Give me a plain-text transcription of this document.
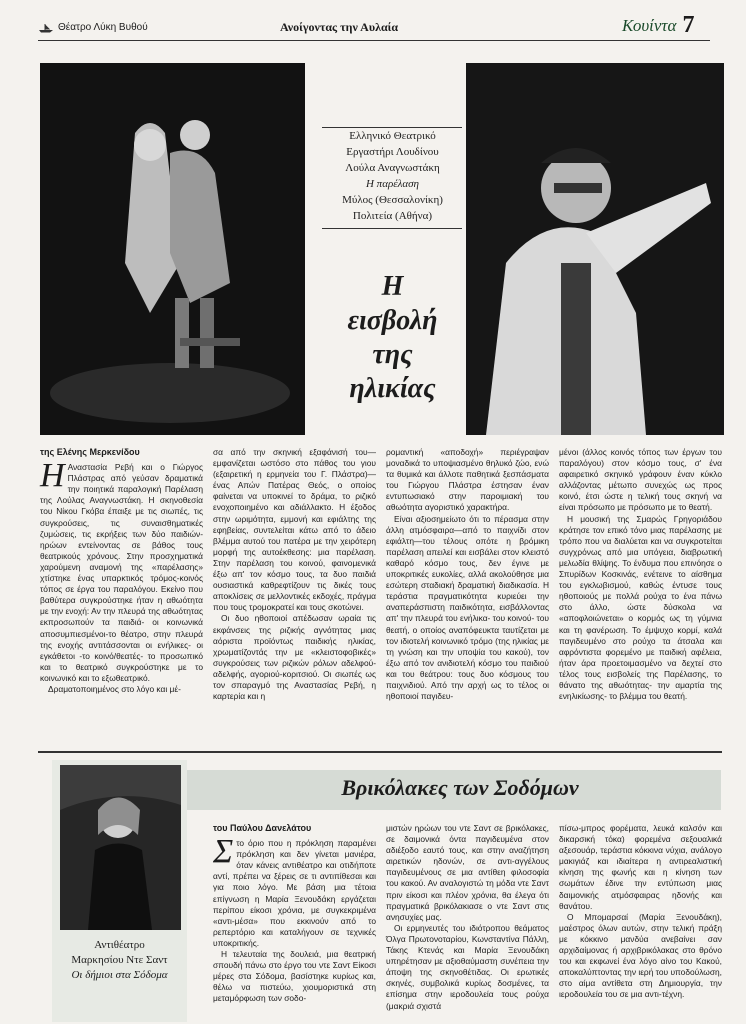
Θέατρο Λύκη Βυθού	Ανοίγοντας την Αυλαία	Κουίντα 7
Ελληνικό Θεατρικό
Εργαστήρι Λουδίνου
Λούλα Αναγνωστάκη
Η παρέλαση
Μύλος (Θεσσαλονίκη)
Πολιτεία (Αθήνα)
Η
εισβολή
της
ηλικίας
της Ελένης Μερκενίδου
Η Αναστασία Ρεβή και ο Γιώργος Πλάστρας από γεύσαν δραματικά την ποιητικά παραλογική Παρέλαση της Λούλας Αναγνωστάκη. Η σκηνοθεσία του Νίκου Γκόβα έπαιξε με τις σιωπές, τις συγκρούσεις, τις συναισθηματικές ζυμώσεις, τις εκρήξεις των δύο παιδιών-ηρώων εντείνοντας σε βάθος τους θεατρικούς χρόνους. Στην προσχηματικά χαρούμενη αναμονή της «παρέλασης» χτίστηκε ένας υπαρκτικός τρόμος-κοινός τόπος σε έργα του παραλόγου. Εκείνο που βαθύτερα συγκρούστηκε ήταν η αθωότητα με την ενοχή: Αν την πλευρά της αθωότητας εκπροσωπούν τα παιδιά- οι κοινωνικά αποσυμπιεσμένοι-το θέατρο, στην πλευρά της ενοχής αντιτάσσονται οι ενήλικες- οι εγκάθετοι -το κοινό/θεατές- το προσωπικό και το θεατρικό συγκρούστηκε με το κοινωνικό και το εξωθεατρικό.

Δραματοποιημένος στο λόγο και μέ-

σα από την σκηνική εξαφάνισή του—εμφανίζεται ωστόσο στο πάθος του γιου (εξαιρετική η ερμηνεία του Γ. Πλάστρα)—ένας Απών Πατέρας Θεός, ο οποίος φαίνεται να υποκινεί το δράμα, το ριζικό ενοχοποιημένο και αδιάλλακτο. Η έξοδος στην ωριμότητα, εμμονή και εφιάλτης της εφηβείας, συντελείται κάτω από το άδειο βλέμμα αυτού του πατέρα με την χειρότερη μορφή της αυτοέκθεσης: μια παρέλαση. Στην παρέλαση του κοινού, φαινομενικά έξω απ' τον κόσμο τους, τα δυο παιδιά ουσιαστικά καθρεφτίζουν τις δικές τους αποκλίσεις σε μελλοντικές εκδοχές, πράγμα που τους τρομοκρατεί και τους σκοτώνει.

Οι δυο ηθοποιοί απέδωσαν ωραία τις εκφάνσεις της ριζικής αγνότητας μιας αόριστα προϊόντως παιδικής ηλικίας, χρωματίζοντάς την με «κλειστοφοβικές» συγκρούσεις των ριζικών ρόλων αδελφού-αδελφής, αγοριού-κοριτσιού. Οι σιωπές ως τον σπαραγμό της Αναστασίας Ρεβή, η καρτερία και η

ρομαντική «αποδοχή» περιέγραψαν μοναδικά το υποψιασμένο θηλυκό ζώο, ενώ τα θυμικά και άλλοτε παθητικά ξεσπάσματα του Γιώργου Πλάστρα έστησαν έναν εντυπωσιακό στην παροιμιακή του αθωότητα αγοριστικό χαρακτήρα.

Είναι αξιοσημείωτο ότι το πέρασμα στην άλλη ατμόσφαιρα—από το παιχνίδι στον εφιάλτη—του τέλους οπότε η βρόμικη παρέλαση απειλεί και εισβάλει στον κλειστό καθαρό κόσμο τους, δεν έγινε με υποκριτικές ευκολίες, αλλά ακολούθησε μια εσώτερη σταδιακή δραματική διαδικασία. Η τεράστια πραγματικότητα κυριεύει την αναπεράσπιστη παιδικότητα, εισβάλλοντας απ' την πλευρά του ενήλικα- του κοινού- του θεατή, ο οποίος αναπόφευκτα ταυτίζεται με τον ιδιοτελή κοινωνικό τρόμο (της ηλικίας με τη γνώση και την υποψία του κακού), τον έξω από τον ανιδιοτελή κόσμο του παιδιού και του θεάτρου: τους δυο κόσμους του παιχνιδιού. Από την αρχή ως το τέλος οι ηθοποιοί παγιδευ-

μένοι (άλλος κοινός τόπος των έργων του παραλόγου) στον κόσμο τους, σ' ένα αφαιρετικό σκηνικό γράφουν έναν κύκλο αλλάζοντας μέτωπο συνεχώς ως προς κοινό, έτσι ώστε η τελική τους σκηνή να είναι πρόσωπο με πρόσωπο με το θεατή.

Η μουσική της Σμαρώς Γρηγοριάδου κράτησε τον επικό τόνο μιας παρέλασης με τρόπο που να διαλύεται και να συγκροτείται συγχρόνως από μια υπόγεια, διαβρωτική μελωδία θλίψης. Το ένδυμα που επινόησε ο Σπυρίδων Κοσκινάς, ενέτεινε το αίσθημα του εγκλωβισμού, καθώς έντυσε τους ηθοποιούς με πολλά ρούχα το ένα πάνω στο άλλο, ώστε δύσκολα να «αποφλοιώνεται» ο κορμός ως τη γύμνια και τη φανέρωση. Το έμψυχο κορμί, καλά παγιδευμένο στο ρούχο τα άτσαλα και αφρόντιστα φορεμένο με παιδική αφέλεια, ήταν άρα προετοιμασμένο να δεχτεί στο τέλος τους εισβολείς της Παρέλασης, το θάνατο της αθωότητας- την αμαρτία της ενηλικίωσης- το βλέμμα του θεατή.

Βρικόλακες των Σοδόμων
Αντιθέατρο
Μαρκησίου Ντε Σαντ
Οι δήμιοι στα Σόδομα
του Παύλου Δανελάτου
Σ το όριο που η πρόκληση παραμένει πρόκληση και δεν γίνεται μανιέρα, όταν κάνεις αντιθέατρο και οτιδήποτε αντί, πρέπει να ξέρεις σε τι αντιπίθεσαι και για ποιο λόγο. Με βάση μια τέτοια επίγνωση η Μαρία Ξενουδάκη εργάζεται περίπου είκοσι χρόνια, με συγκεκριμένα «αντι-μέσα» που εκκινούν από το ρεπερτόριο και καταλήγουν σε τεχνικές υποκριτικής.

Η τελευταία της δουλειά, μια θεατρική σπουδή πάνω στο έργο του ντε Σαντ Είκοσι μέρες στα Σόδομα, βασίστηκε κυρίως και, θέλω να πιστεύω, χιουμοριστικά στη μεταμόρφωση των σοδο-

μιστών ηρώων του ντε Σαντ σε βρικόλακες, σε δαιμονικά όντα παγιδευμένα στον αδιέξοδο εαυτό τους, και στην αναζήτηση αιρετικών ηδονών, σε αντι-αγγέλους παγιδευμένους σε μια αντίθεη φιλοσοφία του κακού. Αν αναλογιστώ τη μόδα ντε Σαντ πριν είκοσι και πλέον χρόνια, θα έλεγα ότι πραγματικά βρικόλακιασε ο ντε Σαντ στις ανησυχίες μας.

Οι ερμηνευτές του ιδιότροπου θεάματος Όλγα Πρωτονοταρίου, Κωνσταντίνα Πάλλη, Τάκης Κτενάς και Μαρία Ξενουδάκη υπηρέτησαν με αξιοθαύμαστη συνέπεια την άποψη της σκηνοθέτιδας. Οι ερωτικές σκηνές, συμβολικά κυρίως δοσμένες, τα επίσημα στην ιεροδουλεία τους ρούχα (μακριά σχιστά

πίσω-μπρος φορέματα, λευκά καλσόν και δικαρσική τόκα) φορεμένα σεξουαλικά αξεσουάρ, τεράστια κόκκινα νύχια, ανάλογο μακιγιάζ και ιδιαίτερα η αντιρεαλιστική κίνηση της φωνής και η κίνηση των σωμάτων έδινε την εντύπωση μιας δαιμονικής ατμόσφαιρας ηδονής και θανάτου.

Ο Μπομαρσαί (Μαρία Ξενουδάκη), μαέστρος όλων αυτών, στην τελική πράξη με κόκκινο μανδύα ανεβαίνει σαν αρχιδαίμονας ή αρχιβρικόλακας στο θρόνο του και εκφωνεί ένα λόγο αίνο του Κακού, αποκαλύπτοντας την ιερή του υποδούλωση, στο αίμα αντίθετα στη Δημιουργία, την ιεροδουλεία του σε μια αντι-τέχνη.
